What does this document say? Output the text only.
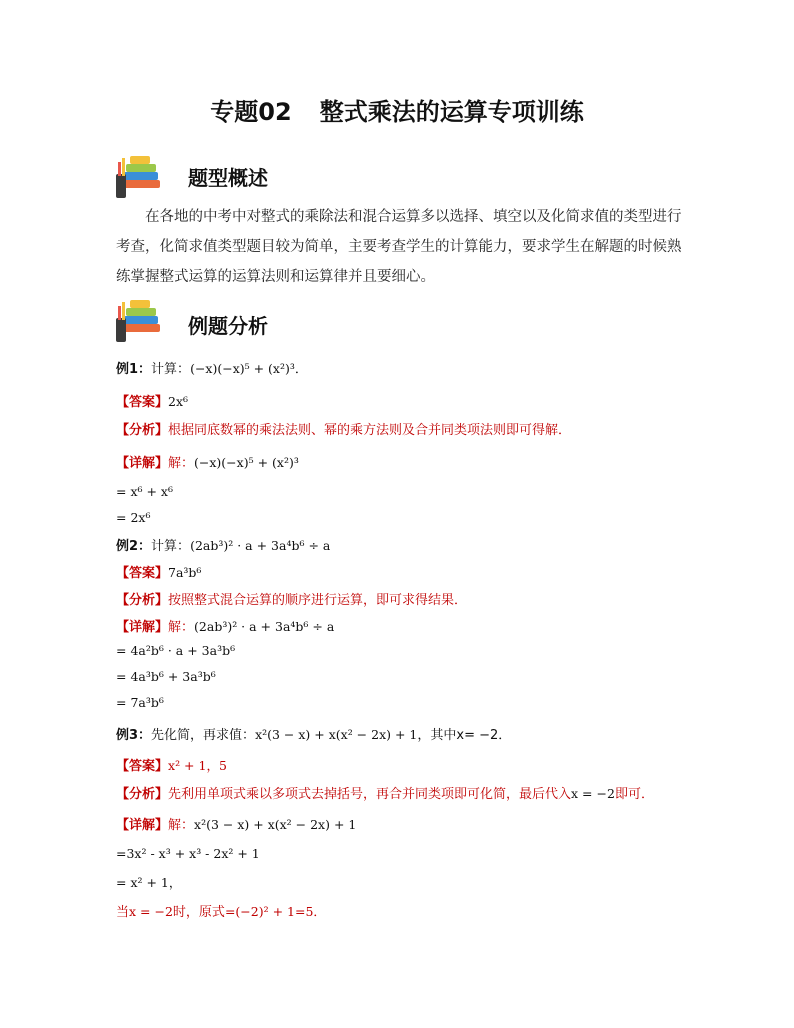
专题02 整式乘法的运算专项训练
题型概述
在各地的中考中对整式的乘除法和混合运算多以选择、填空以及化简求值的类型进行考查，化简求值类型题目较为简单，主要考查学生的计算能力，要求学生在解题的时候熟练掌握整式运算的运算法则和运算律并且要细心。
例题分析
例1：计算：(−x)(−x)⁵ + (x²)³．
【答案】2x⁶
【分析】根据同底数幂的乘法法则、幂的乘方法则及合并同类项法则即可得解．
【详解】解：(−x)(−x)⁵ + (x²)³
= x⁶ + x⁶
= 2x⁶
例2：计算：(2ab³)² · a + 3a⁴b⁶ ÷ a
【答案】7a³b⁶
【分析】按照整式混合运算的顺序进行运算，即可求得结果．
【详解】解：(2ab³)² · a + 3a⁴b⁶ ÷ a
= 4a²b⁶ · a + 3a³b⁶
= 4a³b⁶ + 3a³b⁶
= 7a³b⁶
例3：先化简，再求值：x²(3 − x) + x(x² − 2x) + 1，其中x= −2．
【答案】x² + 1，5
【分析】先利用单项式乘以多项式去掉括号，再合并同类项即可化简，最后代入x = −2即可．
【详解】解：x²(3 − x) + x(x² − 2x) + 1
=3x² - x³ + x³ - 2x² + 1
= x² + 1，
当x = −2时，原式=(−2)² + 1=5．
